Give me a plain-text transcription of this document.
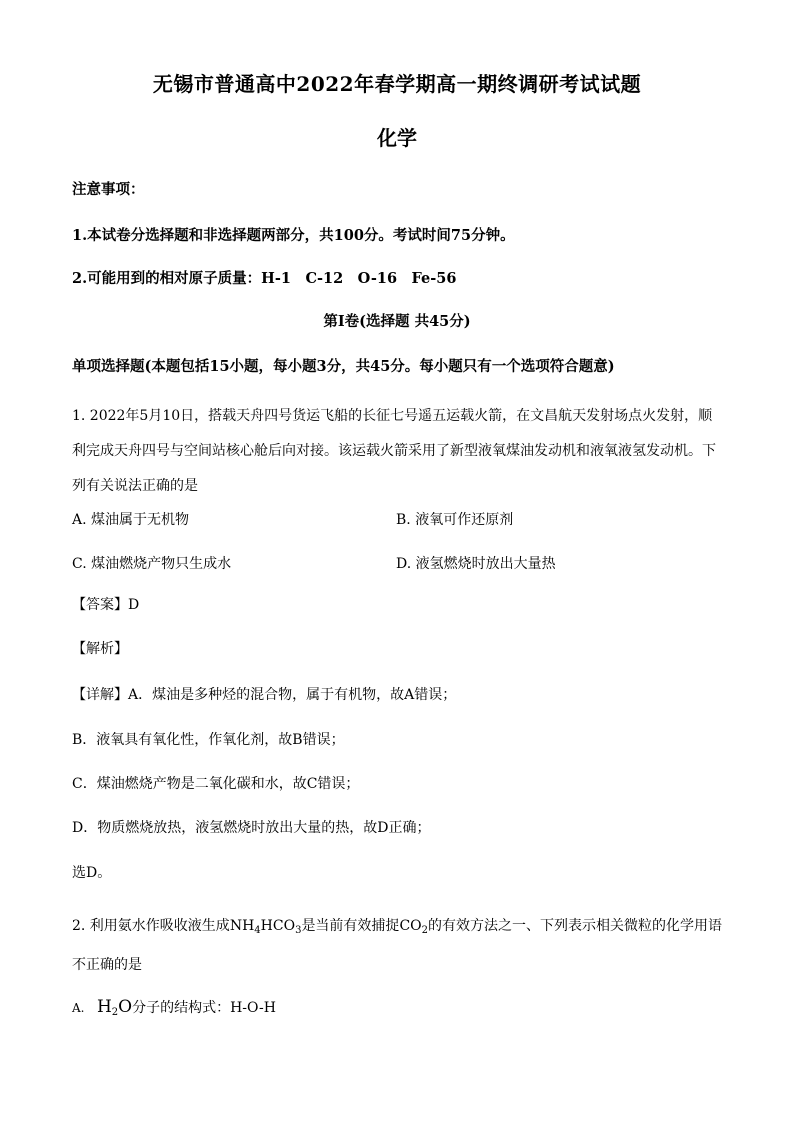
无锡市普通高中2022年春学期高一期终调研考试试题
化学
注意事项：
1.本试卷分选择题和非选择题两部分，共100分。考试时间75分钟。
2.可能用到的相对原子质量：H-1　C-12　O-16　Fe-56
第I卷(选择题 共45分)
单项选择题(本题包括15小题，每小题3分，共45分。每小题只有一个选项符合题意)
1. 2022年5月10日，搭载天舟四号货运飞船的长征七号遥五运载火箭，在文昌航天发射场点火发射，顺利完成天舟四号与空间站核心舱后向对接。该运载火箭采用了新型液氧煤油发动机和液氧液氢发动机。下列有关说法正确的是
A. 煤油属于无机物	B. 液氧可作还原剂
C. 煤油燃烧产物只生成水	D. 液氢燃烧时放出大量热
【答案】D
【解析】
【详解】A．煤油是多种烃的混合物，属于有机物，故A错误；
B．液氧具有氧化性，作氧化剂，故B错误；
C．煤油燃烧产物是二氧化碳和水，故C错误；
D．物质燃烧放热，液氢燃烧时放出大量的热，故D正确；
选D。
2. 利用氨水作吸收液生成$NH_4HCO_3$是当前有效捕捉$CO_2$的有效方法之一、下列表示相关微粒的化学用语不正确的是
A. $H_2O$分子的结构式：H-O-H
